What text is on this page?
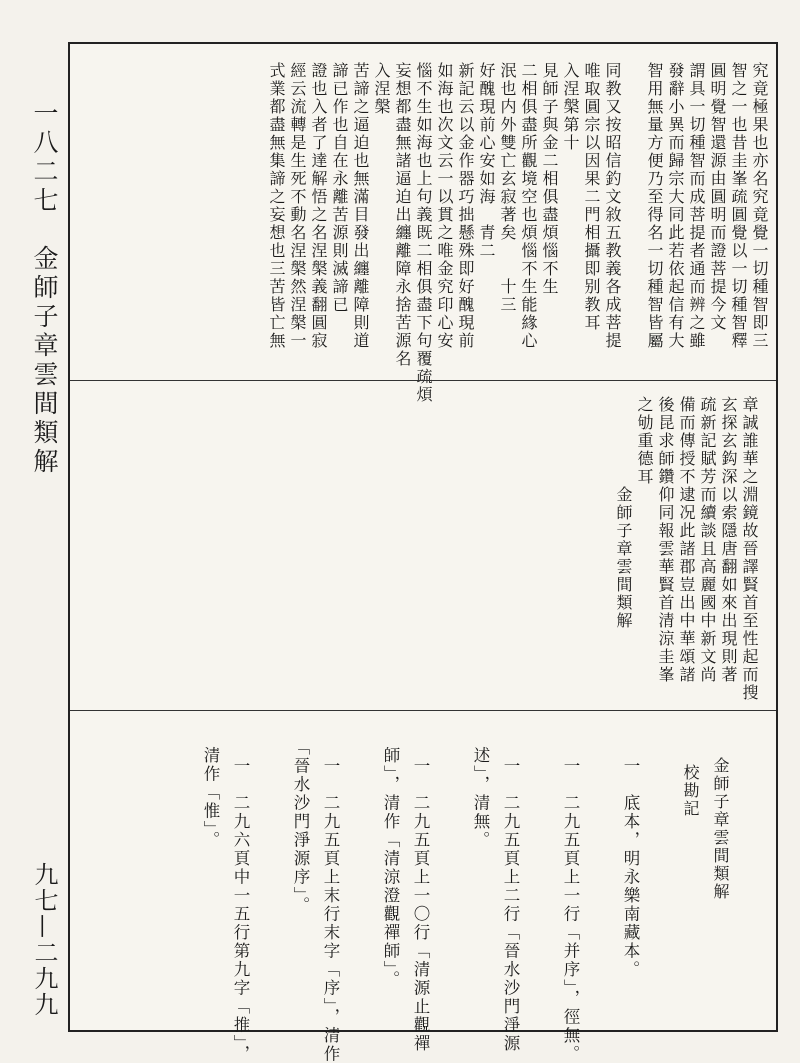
一八二七　金師子章雲間類解
九七—二九九
究竟極果也亦名究竟覺一切種智即三
智之一也昔圭峯疏圓覺以一切種智釋
圓明覺智還源由圓明而證菩提今文
謂具一切種智而成菩提者通而辨之雖
發辭小異而歸宗大同此若依起信有大
智用無量方便乃至得名一切種智皆屬

同教又按昭信釣文敘五教義各成菩提
唯取圓宗以因果二門相攝即别教耳
入涅槃第十
見師子與金二相俱盡煩惱不生
二相俱盡所觀境空也煩惱不生能緣心
泯也内外雙亡玄寂著矣　　十三
好醜現前心安如海　青二
新記云以金作器巧拙懸殊即好醜現前
如海也次文云一以貫之唯金究印心安
惱不生如海也上句義既二相俱盡下句覆疏煩
妄想都盡無諸逼迫出纏離障永捨苦源名
入涅槃
苦諦之逼迫也無滿目發出纏離障則道
諦已作也自在永離苦源則滅諦已
證也入者了達解悟之名涅槃義翻圓寂
經云流轉是生死不動名涅槃然涅槃一
式業都盡無集諦之妄想也三苦皆亡無
章誠誰華之淵鏡故晉譯賢首至性起而搜
玄探玄鈎深以索隱唐翻如來出現則著
疏新記賦芳而續談且高麗國中新文尚
備而傳授不逮况此諸郡豈出中華頌諸
後昆求師鑽仰同報雲華賢首清涼圭峯
之劬重德耳
　　　　　金師子章雲間類解

金師子章雲間類解
　　校勘記

一　底本，明永樂南藏本。

一　二九五頁上一行「并序」，徑無。

一　二九五頁上二行「晉水沙門淨源
　述」，清無。

一　二九五頁上一〇行「清源止觀禪
　師」，清作「清涼澄觀禪師」。

一　二九五頁上末行末字「序」，清作
　「晉水沙門淨源序」。

一　二九六頁中一五行第九字「推」，
　清作「惟」。
